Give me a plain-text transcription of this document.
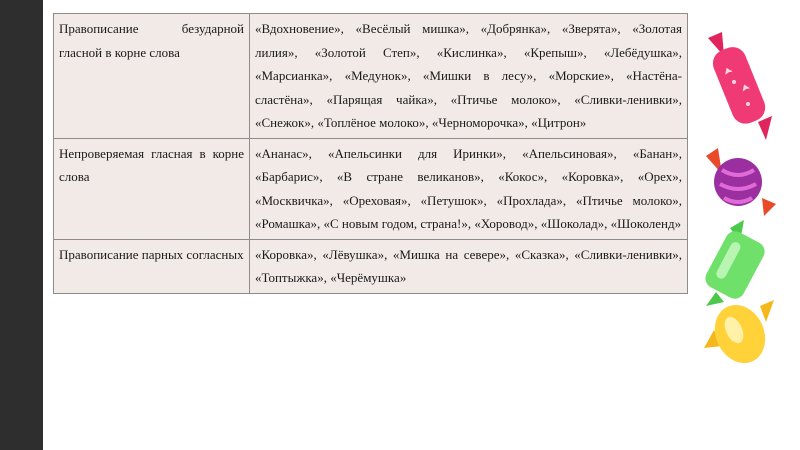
Правописание безударной гласной в корне слова	«Вдохновение», «Весёлый мишка», «Добрянка», «Зверята», «Золотая лилия», «Золотой Степ», «Кислинка», «Крепыш», «Лебёдушка», «Марсианка», «Медунок», «Мишки в лесу», «Морские», «Настёна-сластёна», «Парящая чайка», «Птичье молоко», «Сливки-ленивки», «Снежок», «Топлёное молоко», «Черноморочка», «Цитрон»
Непроверяемая гласная в корне слова	«Ананас», «Апельсинки для Иринки», «Апельсиновая», «Банан», «Барбарис», «В стране великанов», «Кокос», «Коровка», «Орех», «Москвичка», «Ореховая», «Петушок», «Прохлада», «Птичье молоко», «Ромашка», «С новым годом, страна!», «Хоровод», «Шоколад», «Шоколенд»
Правописание парных согласных	«Коровка», «Лёвушка», «Мишка на севере», «Сказка», «Сливки-ленивки», «Топтыжка», «Черёмушка»
